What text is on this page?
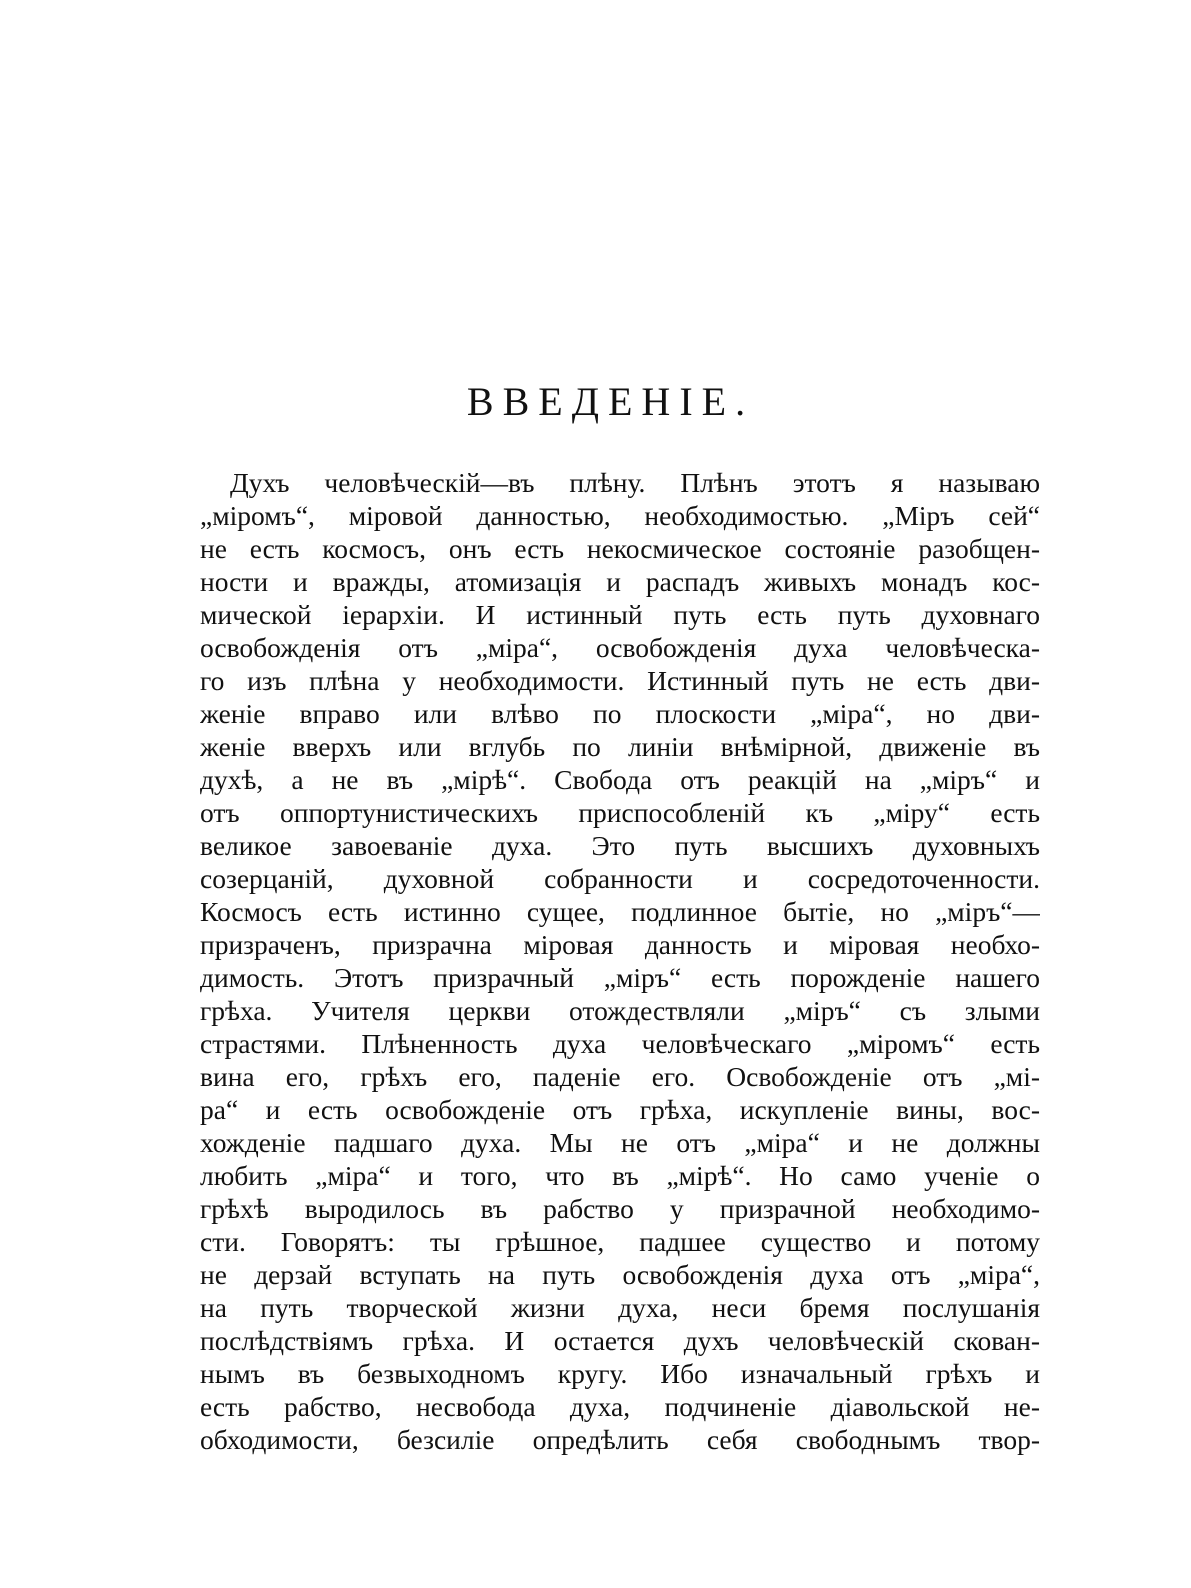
ВВЕДЕНІЕ.
Духъ человѣческій—въ плѣну. Плѣнъ этотъ я называю
„міромъ“, міровой данностью, необходимостью. „Міръ сей“
не есть космосъ, онъ есть некосмическое состояніе разобщен-
ности и вражды, атомизація и распадъ живыхъ монадъ кос-
мической іерархіи. И истинный путь есть путь духовнаго
освобожденія отъ „міра“, освобожденія духа человѣческа-
го изъ плѣна у необходимости. Истинный путь не есть дви-
женіе вправо или влѣво по плоскости „міра“, но дви-
женіе вверхъ или вглубь по линіи внѣмірной, движеніе въ
духѣ, а не въ „мірѣ“. Свобода отъ реакцій на „міръ“ и
отъ оппортунистическихъ приспособленій къ „міру“ есть
великое завоеваніе духа. Это путь высшихъ духовныхъ
созерцаній, духовной собранности и сосредоточенности.
Космосъ есть истинно сущее, подлинное бытіе, но „міръ“—
призраченъ, призрачна міровая данность и міровая необхо-
димость. Этотъ призрачный „міръ“ есть порожденіе нашего
грѣха. Учителя церкви отождествляли „міръ“ съ злыми
страстями. Плѣненность духа человѣческаго „міромъ“ есть
вина его, грѣхъ его, паденіе его. Освобожденіе отъ „мі-
ра“ и есть освобожденіе отъ грѣха, искупленіе вины, вос-
хожденіе падшаго духа. Мы не отъ „міра“ и не должны
любить „міра“ и того, что въ „мірѣ“. Но само ученіе о
грѣхѣ выродилось въ рабство у призрачной необходимо-
сти. Говорятъ: ты грѣшное, падшее существо и потому
не дерзай вступать на путь освобожденія духа отъ „міра“,
на путь творческой жизни духа, неси бремя послушанія
послѣдствіямъ грѣха. И остается духъ человѣческій скован-
нымъ въ безвыходномъ кругу. Ибо изначальный грѣхъ и
есть рабство, несвобода духа, подчиненіе діавольской не-
обходимости, безсиліе опредѣлить себя свободнымъ твор-
